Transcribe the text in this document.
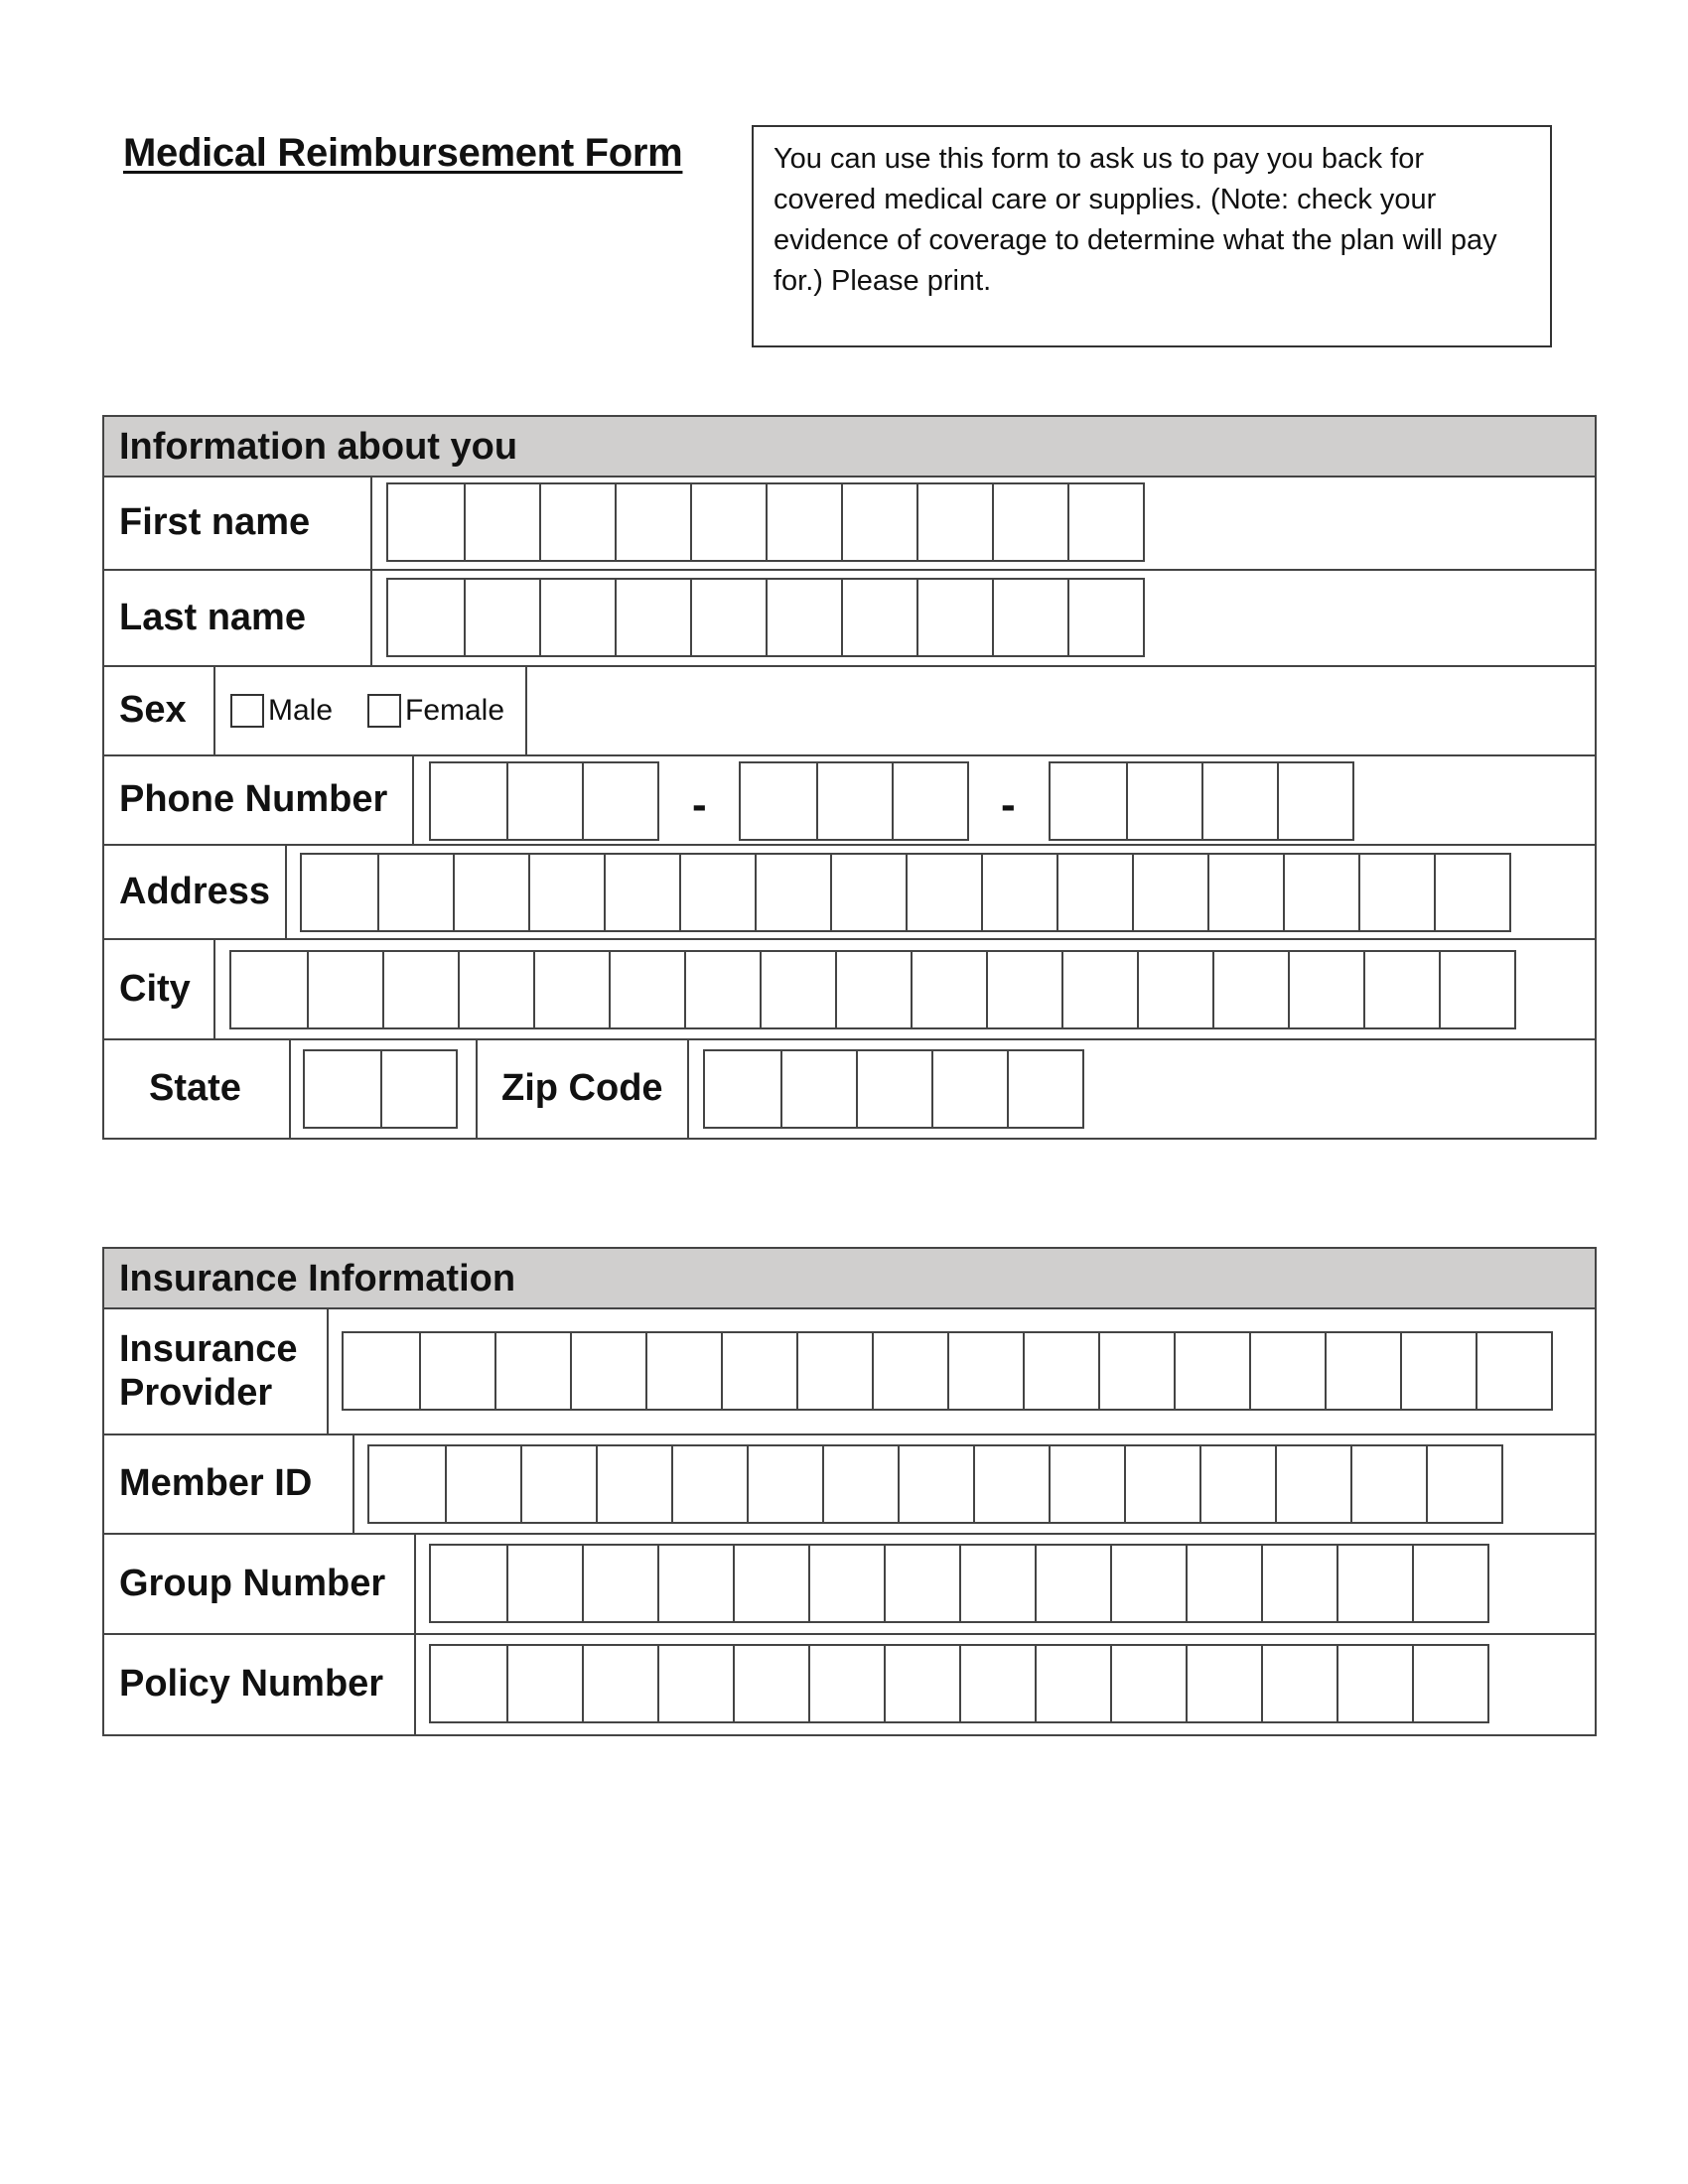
Medical Reimbursement Form	You can use this form to ask us to pay you back for covered medical care or supplies. (Note: check your evidence of coverage to determine what the plan will pay for.) Please print.
Information about you
First name
Last name
Sex	Male Female
Phone Number	-	-
Address
City
State	Zip Code
Insurance Information
Insurance
Provider
Member ID
Group Number
Policy Number
